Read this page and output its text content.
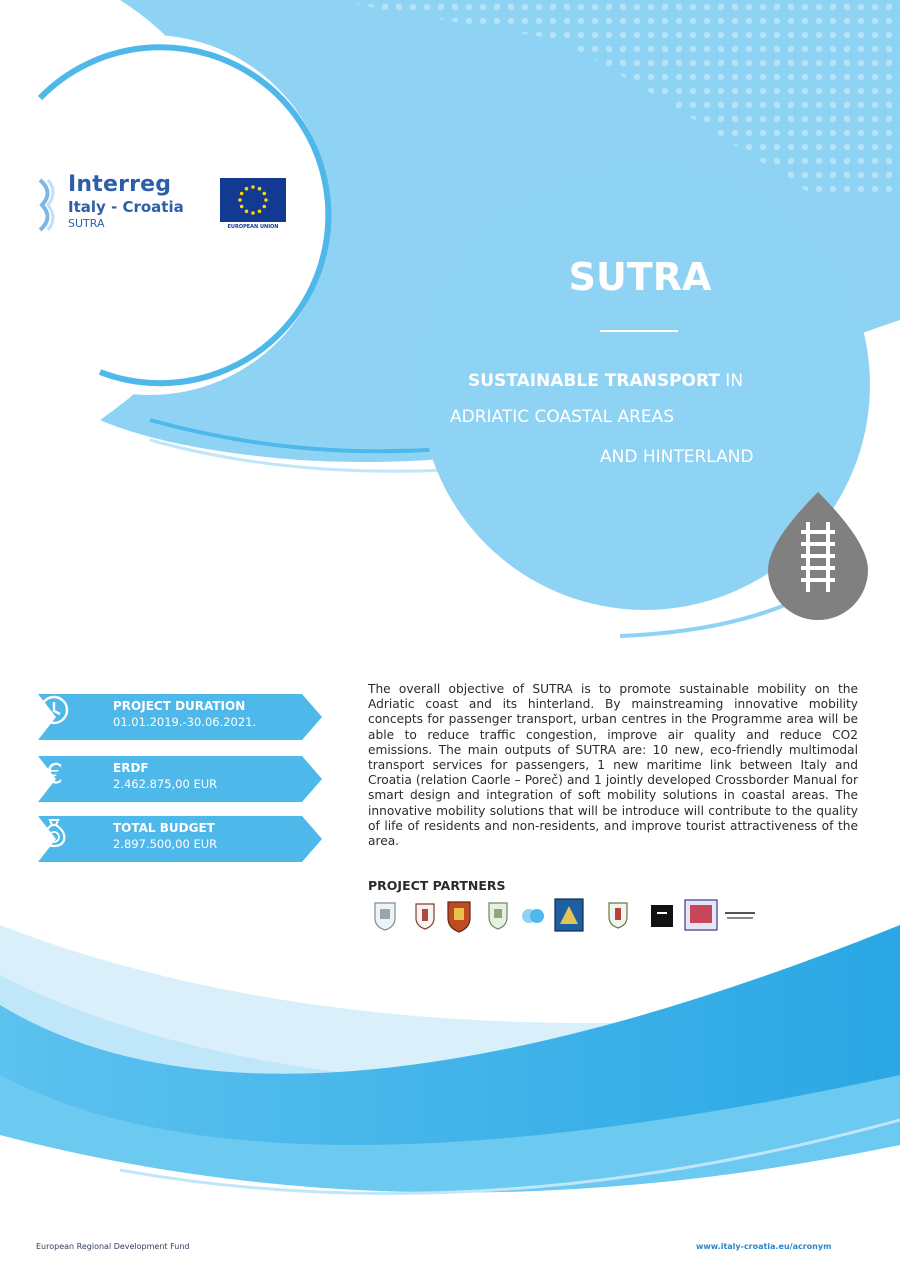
Interreg
Italy - Croatia
SUTRA	EUROPEAN UNION
SUTRA
SUSTAINABLE TRANSPORT IN
ADRIATIC COASTAL AREAS
AND HINTERLAND
PROJECT DURATION
01.01.2019.-30.06.2021.
€	ERDF
2.462.875,00 EUR
TOTAL BUDGET
2.897.500,00 EUR
The overall objective of SUTRA is to promote sustainable mobility on the Adriatic coast and its hinterland. By mainstreaming innovative mobility concepts for passenger transport, urban centres in the Programme area will be able to reduce traffic congestion, improve air quality and reduce CO2 emissions. The main outputs of SUTRA are: 10 new, eco-friendly multimodal transport services for passengers, 1 new maritime link between Italy and Croatia (relation Caorle – Poreč) and 1 jointly developed Crossborder Manual for smart design and integration of soft mobility solutions in coastal areas. The innovative mobility solutions that will be introduce will contribute to the quality of life of residents and non-residents, and improve tourist attractiveness of the area.
PROJECT PARTNERS
European Regional Development Fund	www.italy-croatia.eu/acronym
